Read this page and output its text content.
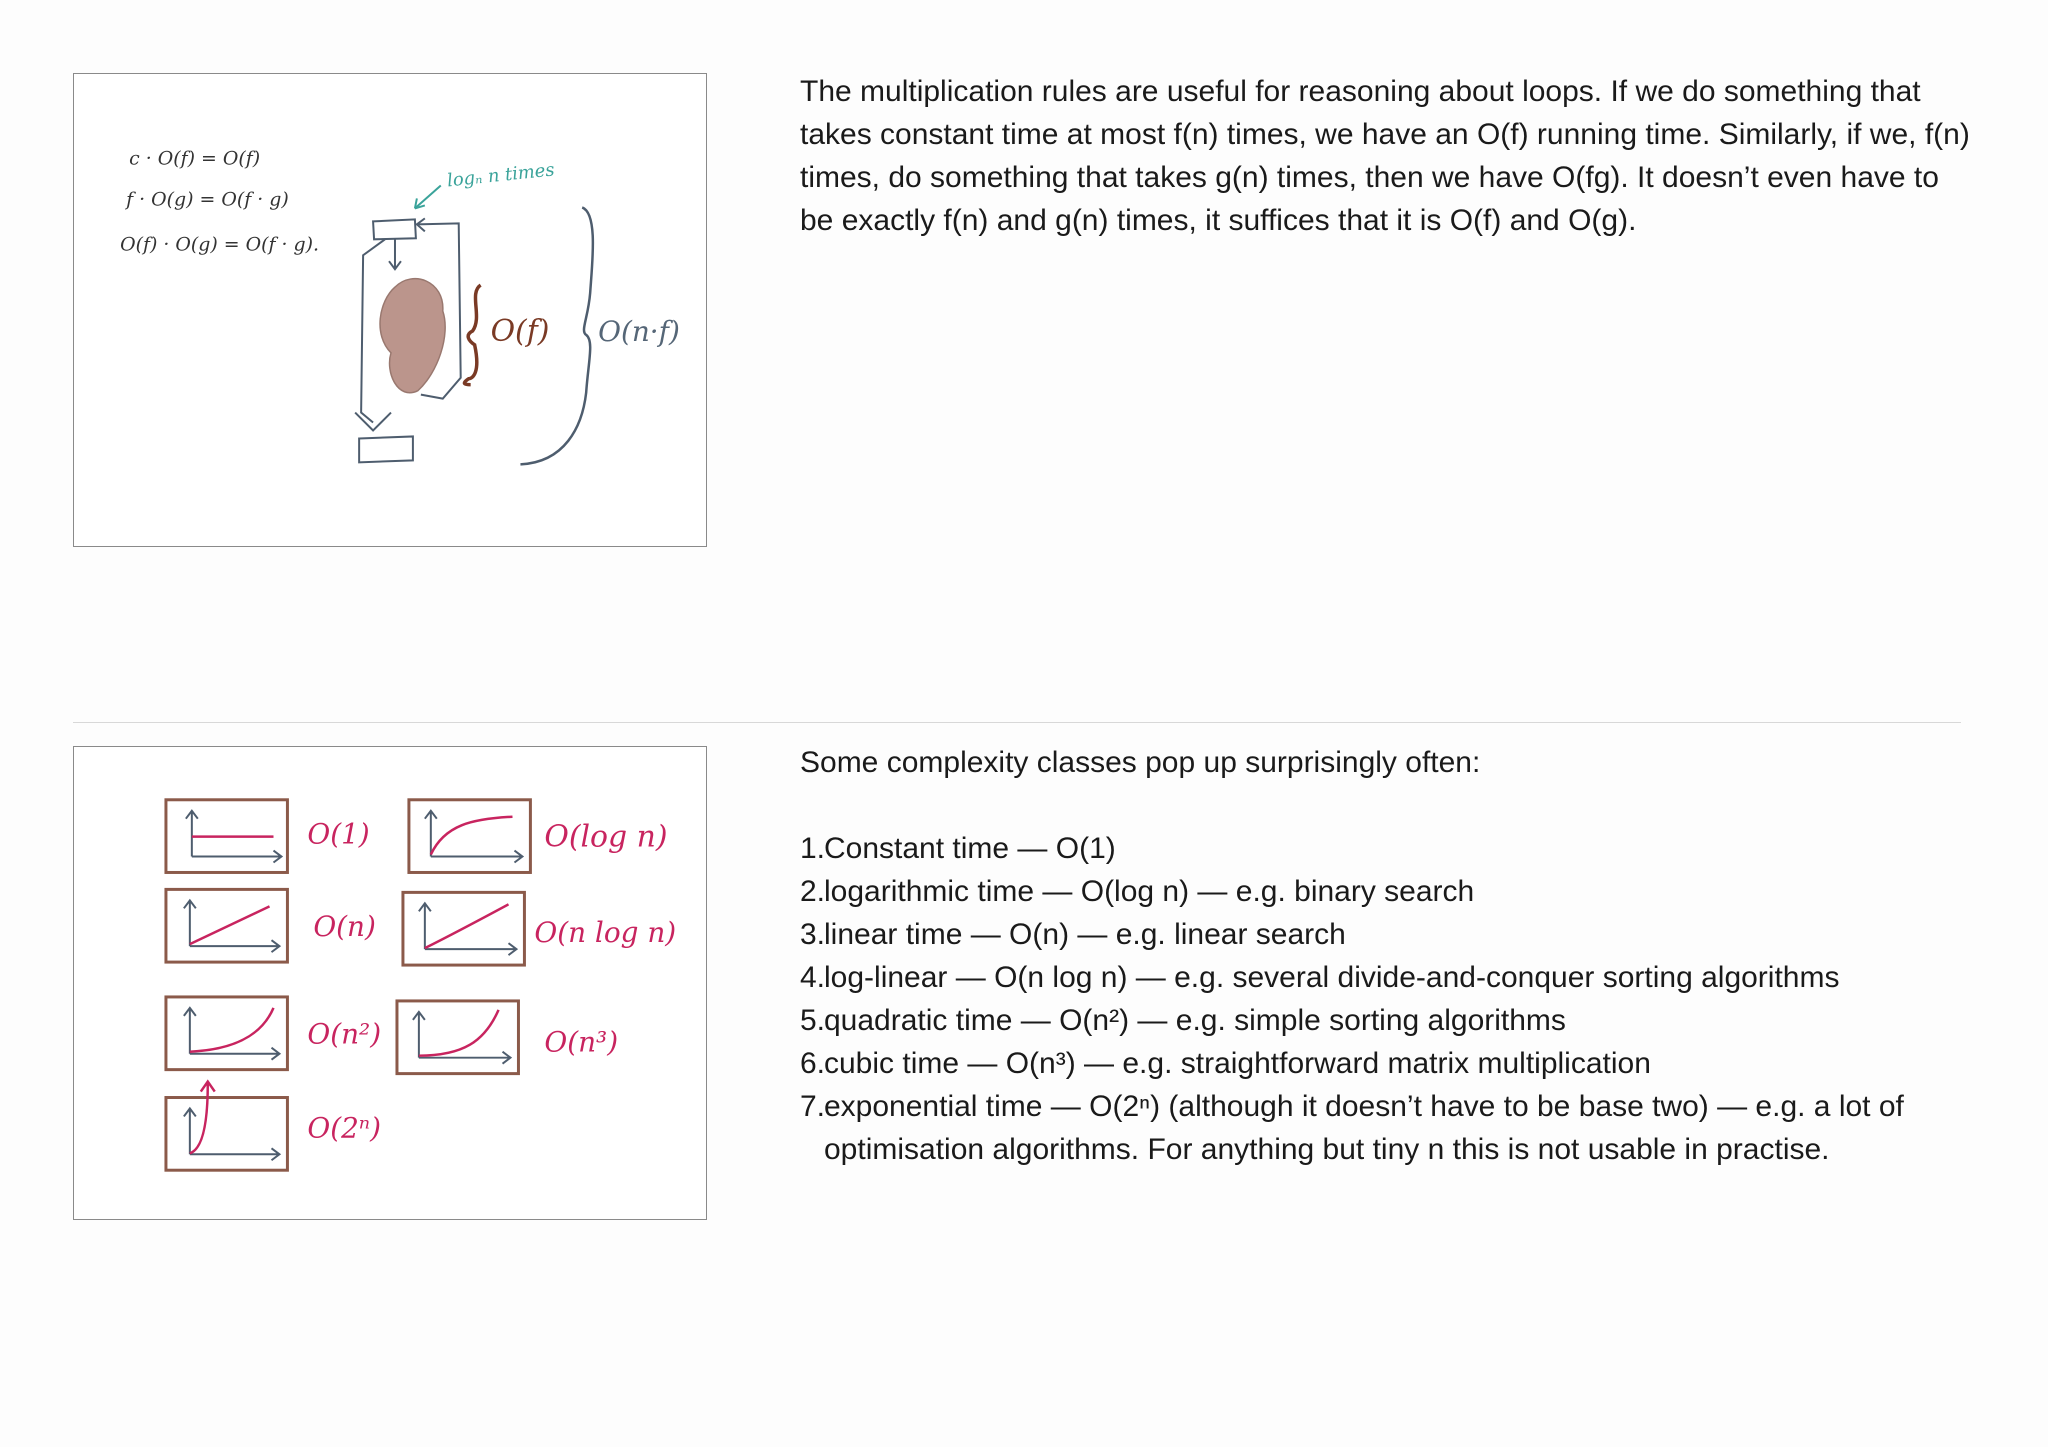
c · O(f) = O(f)
f · O(g) = O(f · g)
O(f) · O(g) = O(f · g).
logₙ n times
O(f) O(n·f)

The multiplication rules are useful for reasoning about loops. If we do something that takes constant time at most f(n) times, we have an O(f) running time. Similarly, if we, f(n) times, do something that takes g(n) times, then we have O(fg). It doesn’t even have to be exactly f(n) and g(n) times, it suffices that it is O(f) and O(g).

O(1)	O(log n)
O(n)	O(n log n)
O(n²)	O(n³)
O(2ⁿ)

Some complexity classes pop up surprisingly often:

1.
Constant time — O(1)
2.
logarithmic time — O(log n) — e.g. binary search
3.
linear time — O(n) — e.g. linear search
4.
log-linear — O(n log n) — e.g. several divide-and-conquer sorting algorithms
5.
quadratic time — O(n²) — e.g. simple sorting algorithms
6.
cubic time — O(n³) — e.g. straightforward matrix multiplication
7.
exponential time — O(2ⁿ) (although it doesn’t have to be base two) — e.g. a lot of optimisation algorithms. For anything but tiny n this is not usable in practise.
